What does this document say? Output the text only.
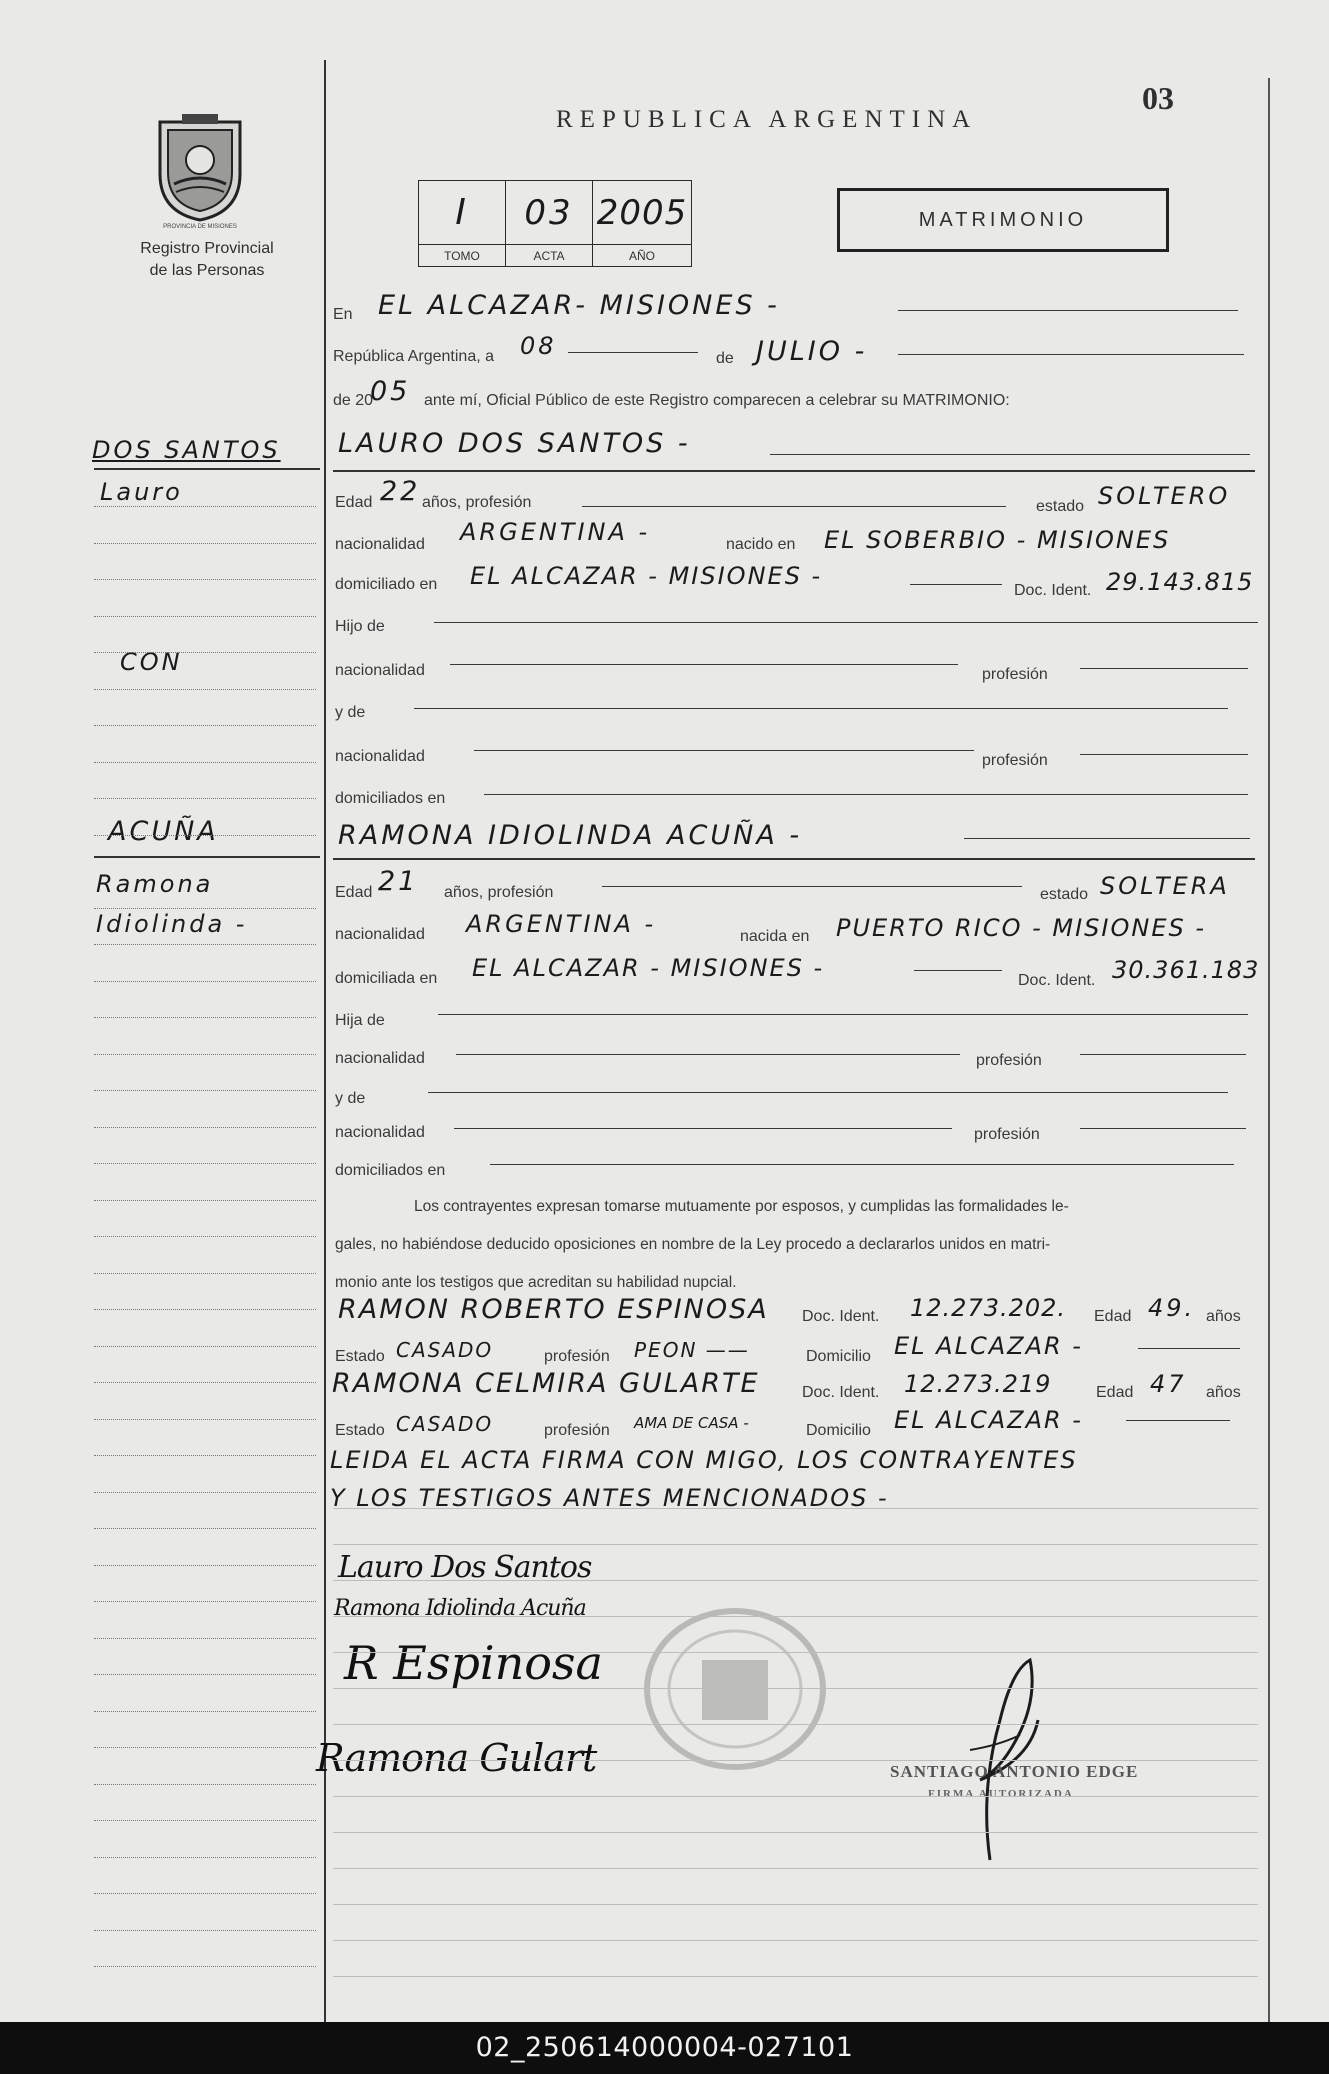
03
REPUBLICA ARGENTINA
PROVINCIA DE MISIONES
Registro Provincial
de las Personas
I	03	2005
TOMO	ACTA	AÑO
MATRIMONIO
En EL ALCAZAR- MISIONES -
República Argentina, a 08	de JULIO -
de 20
05 ante mí, Oficial Público de este Registro comparecen a celebrar su MATRIMONIO:
DOS SANTOS
Lauro
CON
ACUÑA
Ramona
Idiolinda -
LAURO DOS SANTOS -
Edad 22 años, profesión	estado SOLTERO
nacionalidad ARGENTINA -	nacido en EL SOBERBIO - MISIONES
domiciliado en EL ALCAZAR - MISIONES -
Doc. Ident. 29.143.815
Hijo de
nacionalidad	profesión
y de
nacionalidad	profesión
domiciliados en
RAMONA IDIOLINDA ACUÑA -
Edad 21 años, profesión	estado SOLTERA
nacionalidad ARGENTINA -	nacida en PUERTO RICO - MISIONES -
domiciliada en EL ALCAZAR - MISIONES -	Doc. Ident. 30.361.183
Hija de
nacionalidad	profesión
y de
nacionalidad	profesión
domiciliados en
Los contrayentes expresan tomarse mutuamente por esposos, y cumplidas las formalidades le-
gales, no habiéndose deducido oposiciones en nombre de la Ley procedo a declararlos unidos en matri-
monio ante los testigos que acreditan su habilidad nupcial.
RAMON ROBERTO ESPINOSA Doc. Ident. 12.273.202. Edad 49. años
Estado CASADO	profesión PEON ——	Domicilio EL ALCAZAR -
RAMONA CELMIRA GULARTE	Doc. Ident. 12.273.219	Edad 47 años
Estado CASADO	profesión AMA DE CASA -	Domicilio EL ALCAZAR -
LEIDA EL ACTA FIRMA CON MIGO, LOS CONTRAYENTES
Y LOS TESTIGOS ANTES MENCIONADOS -
Lauro Dos Santos
Ramona Idiolinda Acuña
R Espinosa
Ramona Gulart	SANTIAGO ANTONIO EDGE
FIRMA AUTORIZADA
02_250614000004-027101
